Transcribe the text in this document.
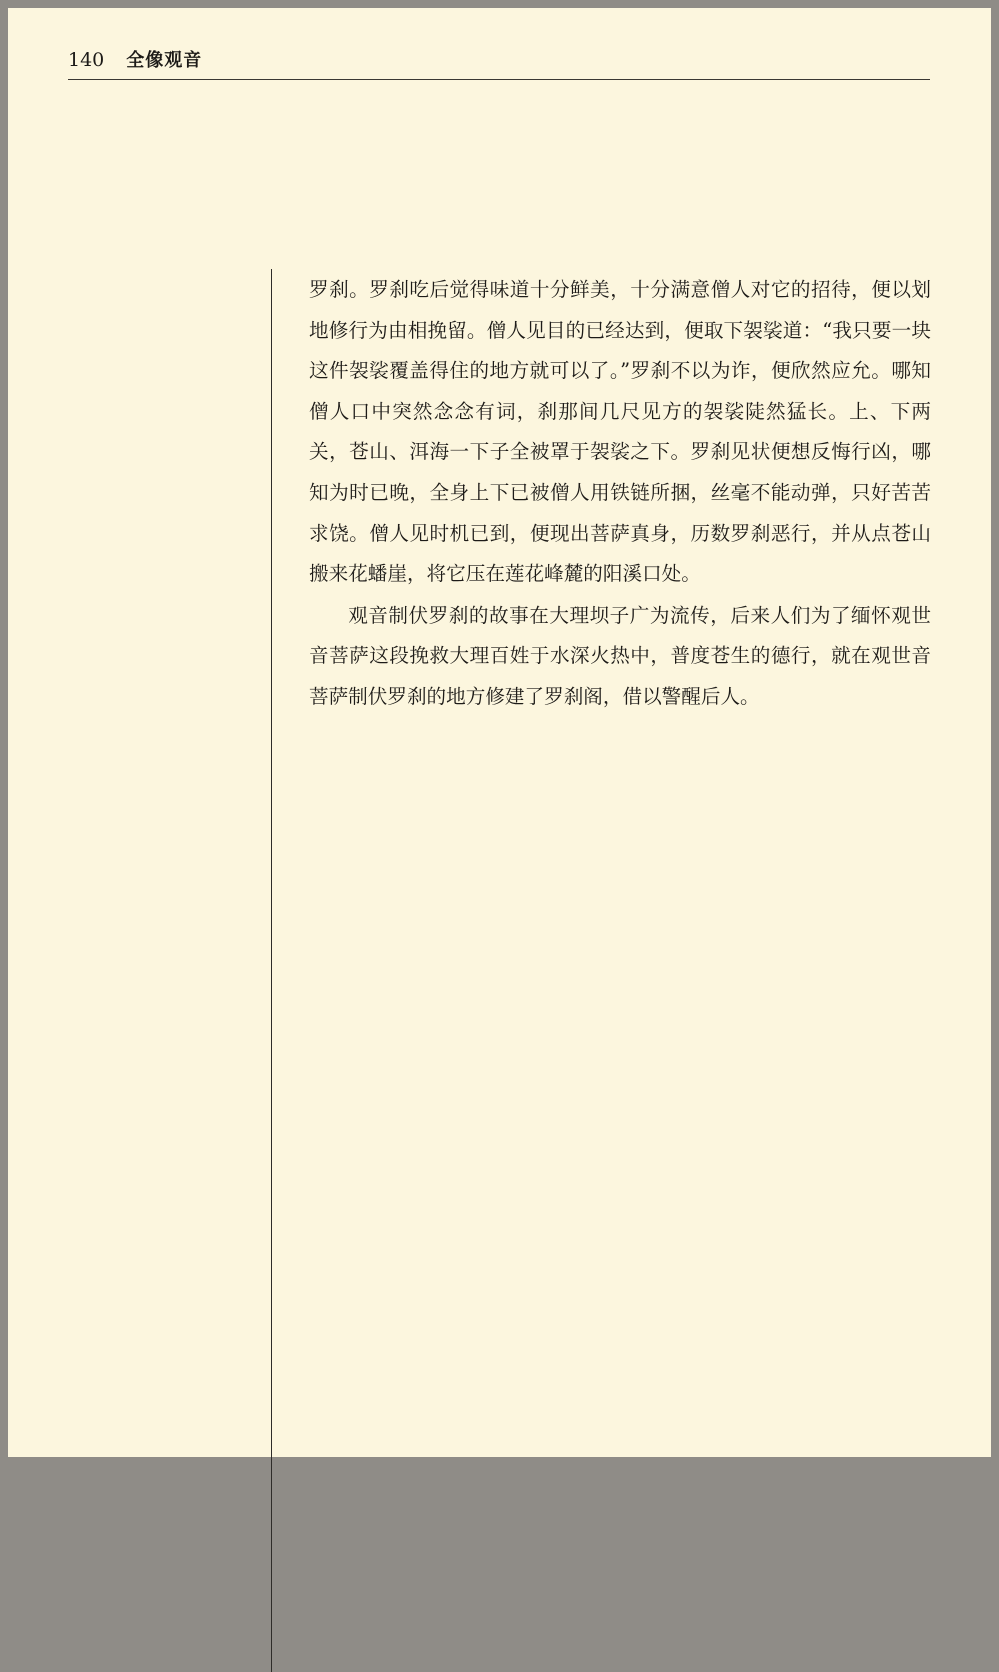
140 全像观音

罗刹。罗刹吃后觉得味道十分鲜美，十分满意僧人对它的招待，便以划地修行为由相挽留。僧人见目的已经达到，便取下袈裟道：“我只要一块这件袈裟覆盖得住的地方就可以了。”罗刹不以为诈，便欣然应允。哪知僧人口中突然念念有词，刹那间几尺见方的袈裟陡然猛长。上、下两关，苍山、洱海一下子全被罩于袈裟之下。罗刹见状便想反悔行凶，哪知为时已晚，全身上下已被僧人用铁链所捆，丝毫不能动弹，只好苦苦求饶。僧人见时机已到，便现出菩萨真身，历数罗刹恶行，并从点苍山搬来花蟠崖，将它压在莲花峰麓的阳溪口处。

观音制伏罗刹的故事在大理坝子广为流传，后来人们为了缅怀观世音菩萨这段挽救大理百姓于水深火热中，普度苍生的德行，就在观世音菩萨制伏罗刹的地方修建了罗刹阁，借以警醒后人。
